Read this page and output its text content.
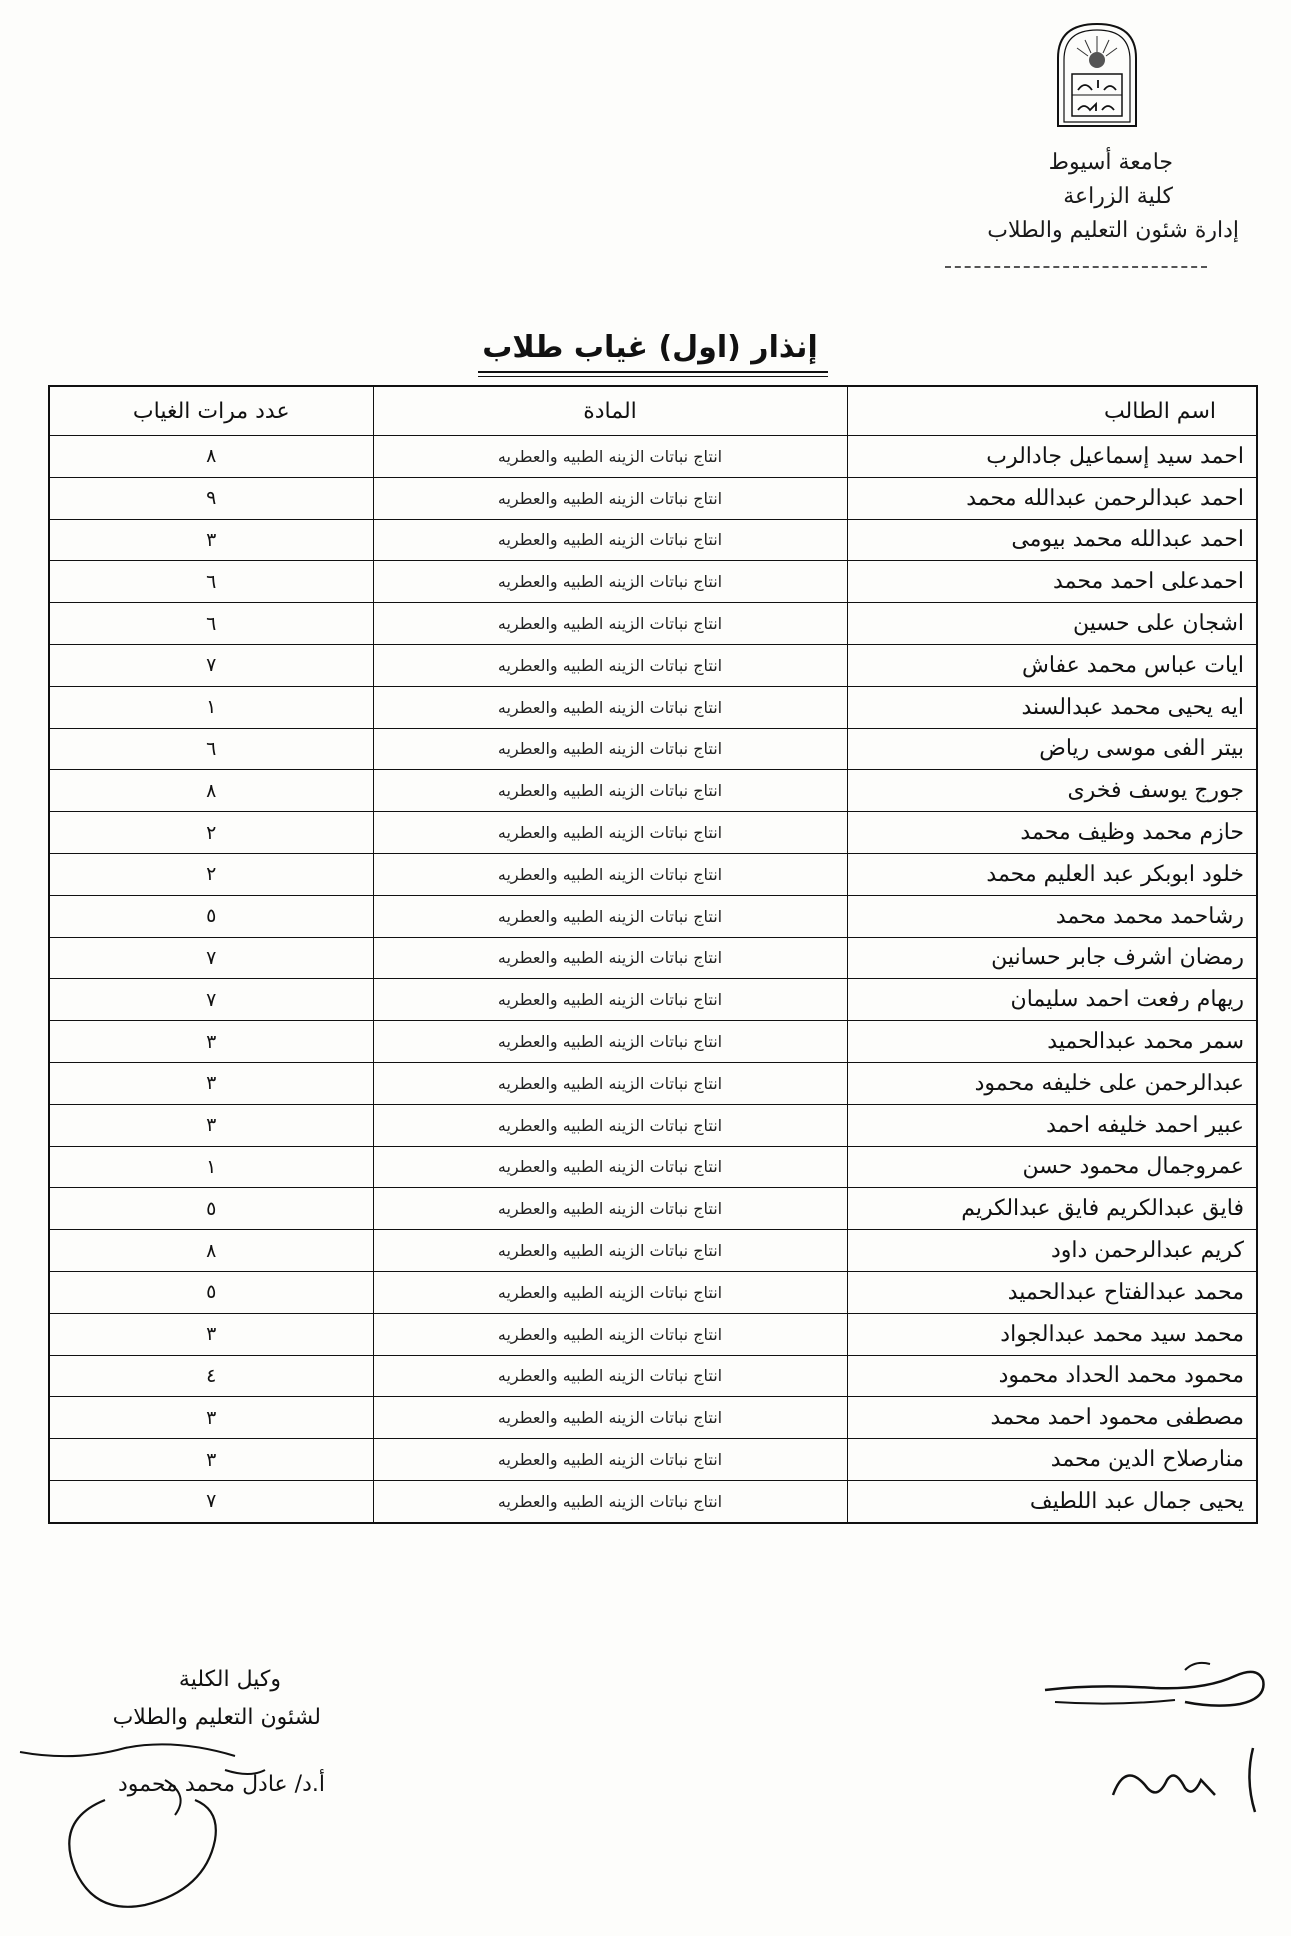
جامعة أسيوط
كلية الزراعة
إدارة شئون التعليم والطلاب
إنذار (اول) غياب طلاب
اسم الطالب	المادة	عدد مرات الغياب
احمد سيد إسماعيل جادالرب	انتاج نباتات الزينه الطبيه والعطريه	٨
احمد عبدالرحمن عبدالله محمد	انتاج نباتات الزينه الطبيه والعطريه	٩
احمد عبدالله محمد بيومى	انتاج نباتات الزينه الطبيه والعطريه	٣
احمدعلى احمد محمد	انتاج نباتات الزينه الطبيه والعطريه	٦
اشجان على حسين	انتاج نباتات الزينه الطبيه والعطريه	٦
ايات عباس محمد عفاش	انتاج نباتات الزينه الطبيه والعطريه	٧
ايه يحيى محمد عبدالسند	انتاج نباتات الزينه الطبيه والعطريه	١
بيتر الفى موسى رياض	انتاج نباتات الزينه الطبيه والعطريه	٦
جورج يوسف فخرى	انتاج نباتات الزينه الطبيه والعطريه	٨
حازم محمد وظيف محمد	انتاج نباتات الزينه الطبيه والعطريه	٢
خلود ابوبكر عبد العليم محمد	انتاج نباتات الزينه الطبيه والعطريه	٢
رشاحمد محمد محمد	انتاج نباتات الزينه الطبيه والعطريه	٥
رمضان اشرف جابر حسانين	انتاج نباتات الزينه الطبيه والعطريه	٧
ريهام رفعت احمد سليمان	انتاج نباتات الزينه الطبيه والعطريه	٧
سمر محمد عبدالحميد	انتاج نباتات الزينه الطبيه والعطريه	٣
عبدالرحمن على خليفه محمود	انتاج نباتات الزينه الطبيه والعطريه	٣
عبير احمد خليفه احمد	انتاج نباتات الزينه الطبيه والعطريه	٣
عمروجمال محمود حسن	انتاج نباتات الزينه الطبيه والعطريه	١
فايق عبدالكريم فايق عبدالكريم	انتاج نباتات الزينه الطبيه والعطريه	٥
كريم عبدالرحمن داود	انتاج نباتات الزينه الطبيه والعطريه	٨
محمد عبدالفتاح عبدالحميد	انتاج نباتات الزينه الطبيه والعطريه	٥
محمد سيد محمد عبدالجواد	انتاج نباتات الزينه الطبيه والعطريه	٣
محمود محمد الحداد محمود	انتاج نباتات الزينه الطبيه والعطريه	٤
مصطفى محمود احمد محمد	انتاج نباتات الزينه الطبيه والعطريه	٣
منارصلاح الدين محمد	انتاج نباتات الزينه الطبيه والعطريه	٣
يحيى جمال عبد اللطيف	انتاج نباتات الزينه الطبيه والعطريه	٧
وكيل الكلية
لشئون التعليم والطلاب
أ.د/ عادل محمد محمود
